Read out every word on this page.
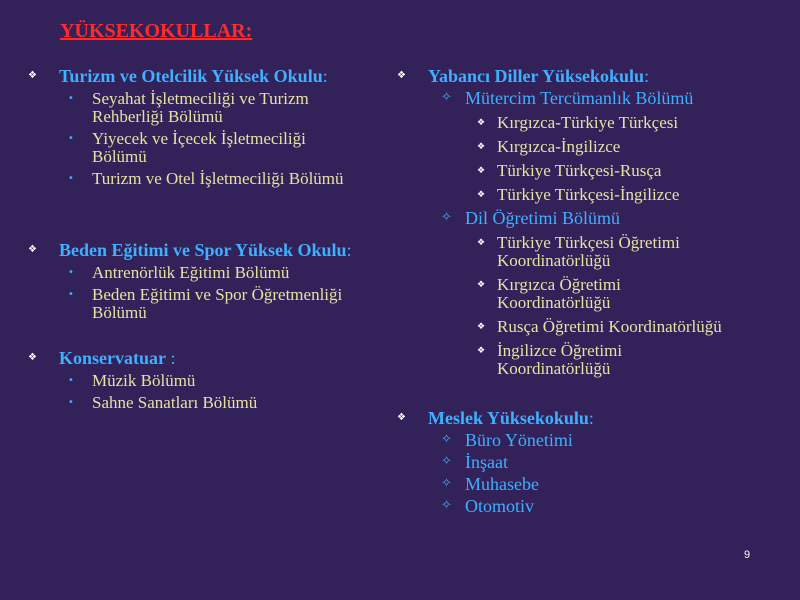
YÜKSEKOKULLAR:
❖ Turizm ve Otelcilik Yüksek Okulu:
• Seyahat İşletmeciliği ve Turizm Rehberliği Bölümü
• Yiyecek ve İçecek İşletmeciliği Bölümü
• Turizm ve Otel İşletmeciliği Bölümü
❖ Beden Eğitimi ve Spor Yüksek Okulu:
• Antrenörlük Eğitimi Bölümü
• Beden Eğitimi ve Spor Öğretmenliği Bölümü
❖ Konservatuar :
• Müzik Bölümü
• Sahne Sanatları Bölümü
❖ Yabancı Diller Yüksekokulu:
✧ Mütercim Tercümanlık Bölümü
❖ Kırgızca-Türkiye Türkçesi
❖ Kırgızca-İngilizce
❖ Türkiye Türkçesi-Rusça
❖ Türkiye Türkçesi-İngilizce
✧ Dil Öğretimi Bölümü
❖ Türkiye Türkçesi Öğretimi Koordinatörlüğü
❖ Kırgızca Öğretimi Koordinatörlüğü
❖ Rusça Öğretimi Koordinatörlüğü
❖ İngilizce Öğretimi Koordinatörlüğü
❖ Meslek Yüksekokulu:
✧ Büro Yönetimi
✧ İnşaat
✧ Muhasebe
✧ Otomotiv
9
